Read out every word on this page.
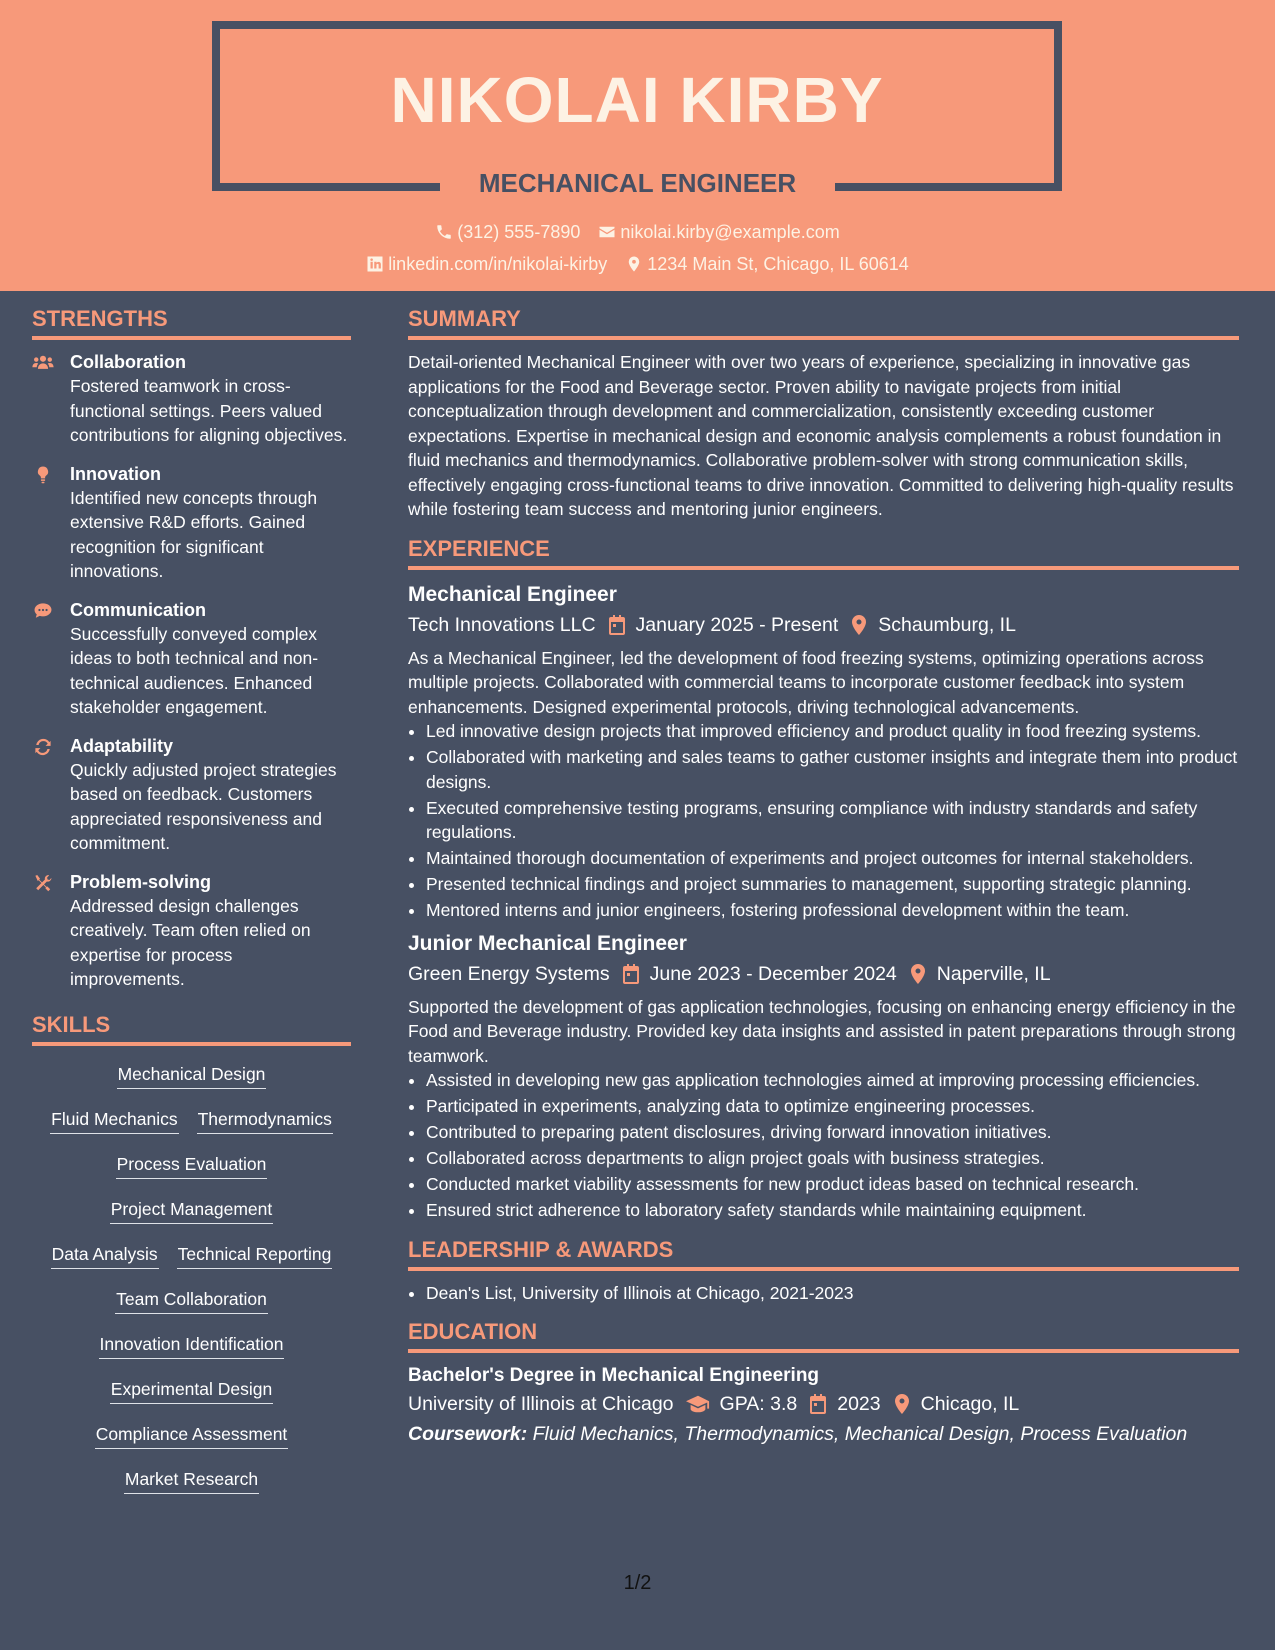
NIKOLAI KIRBY
MECHANICAL ENGINEER
(312) 555-7890 nikolai.kirby@example.com
linkedin.com/in/nikolai-kirby 1234 Main St, Chicago, IL 60614
STRENGTHS
Collaboration
Fostered teamwork in cross-functional settings. Peers valued contributions for aligning objectives.
Innovation
Identified new concepts through extensive R&D efforts. Gained recognition for significant innovations.
Communication
Successfully conveyed complex ideas to both technical and non-technical audiences. Enhanced stakeholder engagement.
Adaptability
Quickly adjusted project strategies based on feedback. Customers appreciated responsiveness and commitment.
Problem-solving
Addressed design challenges creatively. Team often relied on expertise for process improvements.
SKILLS
Mechanical Design
Fluid Mechanics Thermodynamics
Process Evaluation
Project Management
Data Analysis Technical Reporting
Team Collaboration
Innovation Identification
Experimental Design
Compliance Assessment
Market Research
SUMMARY
Detail-oriented Mechanical Engineer with over two years of experience, specializing in innovative gas applications for the Food and Beverage sector. Proven ability to navigate projects from initial conceptualization through development and commercialization, consistently exceeding customer expectations. Expertise in mechanical design and economic analysis complements a robust foundation in fluid mechanics and thermodynamics. Collaborative problem-solver with strong communication skills, effectively engaging cross-functional teams to drive innovation. Committed to delivering high-quality results while fostering team success and mentoring junior engineers.
EXPERIENCE
Mechanical Engineer
Tech Innovations LLC January 2025 - Present Schaumburg, IL
As a Mechanical Engineer, led the development of food freezing systems, optimizing operations across multiple projects. Collaborated with commercial teams to incorporate customer feedback into system enhancements. Designed experimental protocols, driving technological advancements.
• Led innovative design projects that improved efficiency and product quality in food freezing systems.
• Collaborated with marketing and sales teams to gather customer insights and integrate them into product designs.
• Executed comprehensive testing programs, ensuring compliance with industry standards and safety regulations.
• Maintained thorough documentation of experiments and project outcomes for internal stakeholders.
• Presented technical findings and project summaries to management, supporting strategic planning.
• Mentored interns and junior engineers, fostering professional development within the team.
Junior Mechanical Engineer
Green Energy Systems June 2023 - December 2024 Naperville, IL
Supported the development of gas application technologies, focusing on enhancing energy efficiency in the Food and Beverage industry. Provided key data insights and assisted in patent preparations through strong teamwork.
• Assisted in developing new gas application technologies aimed at improving processing efficiencies.
• Participated in experiments, analyzing data to optimize engineering processes.
• Contributed to preparing patent disclosures, driving forward innovation initiatives.
• Collaborated across departments to align project goals with business strategies.
• Conducted market viability assessments for new product ideas based on technical research.
• Ensured strict adherence to laboratory safety standards while maintaining equipment.
LEADERSHIP & AWARDS
• Dean's List, University of Illinois at Chicago, 2021-2023
EDUCATION
Bachelor's Degree in Mechanical Engineering
University of Illinois at Chicago GPA: 3.8 2023 Chicago, IL
Coursework: Fluid Mechanics, Thermodynamics, Mechanical Design, Process Evaluation
1/2
